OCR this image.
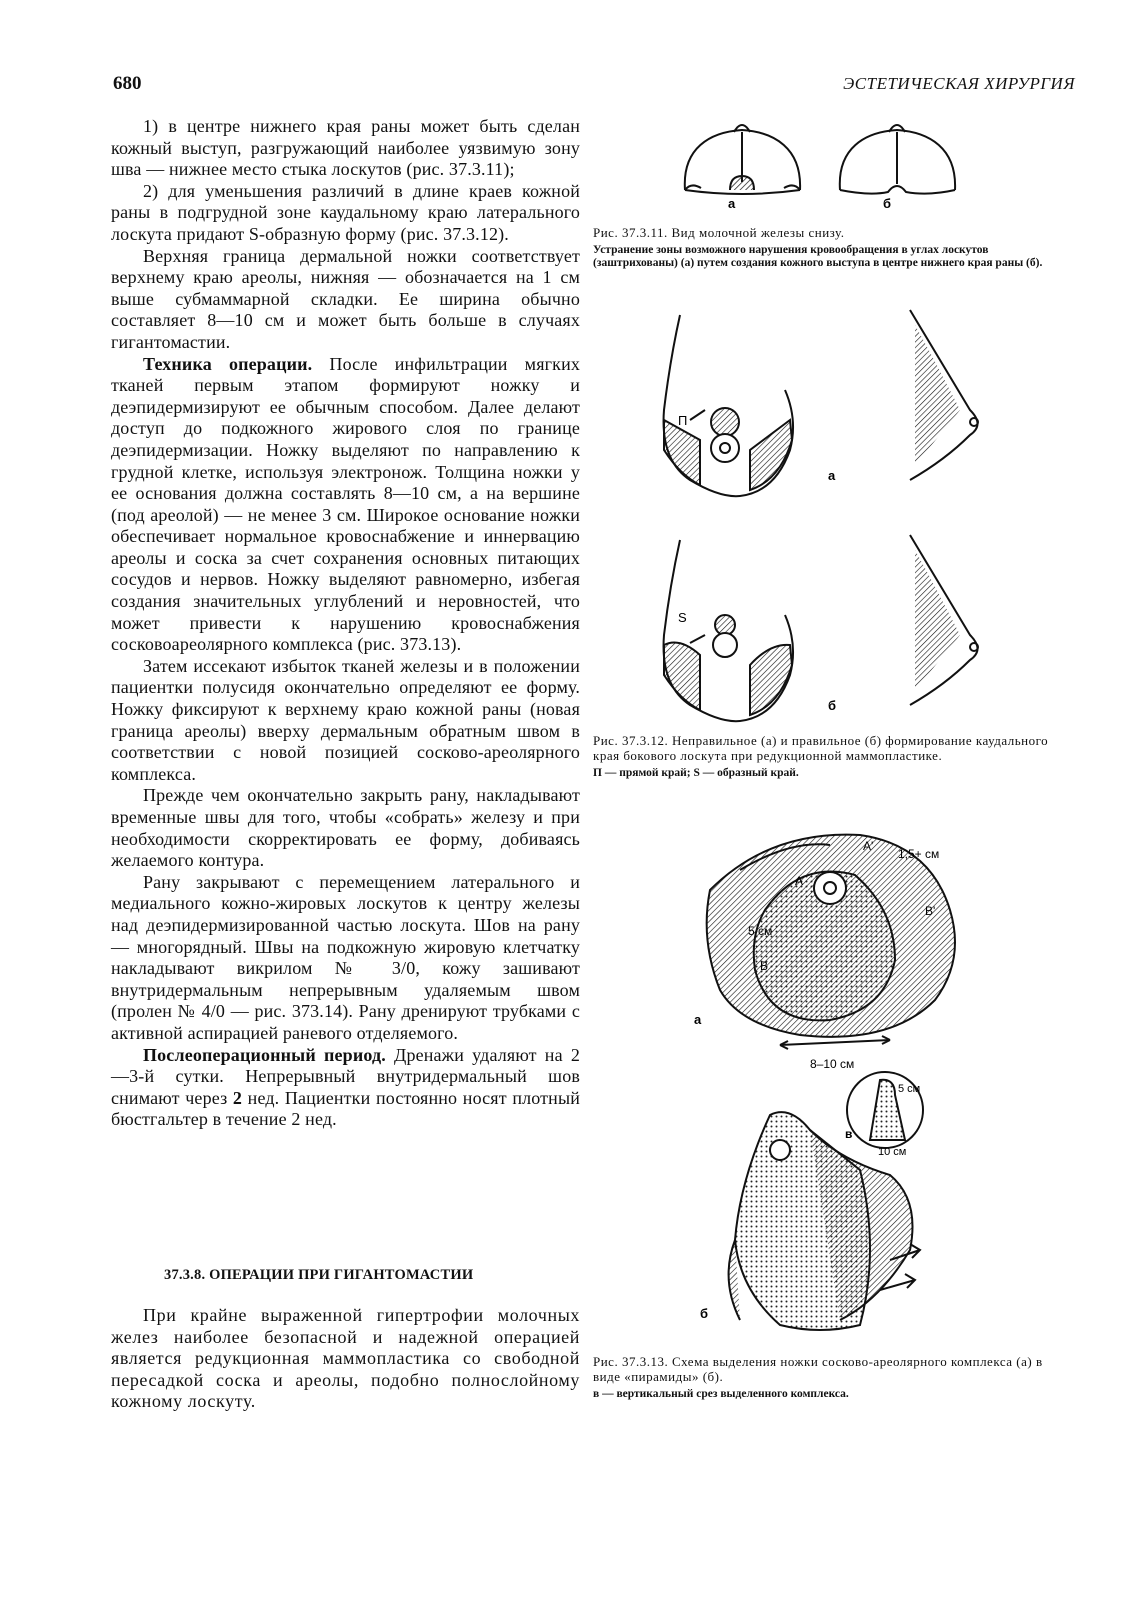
680	ЭСТЕТИЧЕСКАЯ ХИРУРГИЯ

1) в центре нижнего края раны может быть сделан кожный выступ, разгружающий наиболее уязвимую зону шва — нижнее место стыка лоскутов (рис. 37.3.11);

2) для уменьшения различий в длине краев кожной раны в подгрудной зоне каудальному краю латерального лоскута придают S-образную форму (рис. 37.3.12).

Верхняя граница дермальной ножки соответствует верхнему краю ареолы, нижняя — обозначается на 1 см выше субмаммарной складки. Ее ширина обычно составляет 8—10 см и может быть больше в случаях гигантомастии.

Техника операции. После инфильтрации мягких тканей первым этапом формируют ножку и деэпидермизируют ее обычным способом. Далее делают доступ до подкожного жирового слоя по границе деэпидермизации. Ножку выделяют по направлению к грудной клетке, используя электронож. Толщина ножки у ее основания должна составлять 8—10 см, а на вершине (под ареолой) — не менее 3 см. Широкое основание ножки обеспечивает нормальное кровоснабжение и иннервацию ареолы и соска за счет сохранения основных питающих сосудов и нервов. Ножку выделяют равномерно, избегая создания значительных углублений и неровностей, что может привести к нарушению кровоснабжения сосковоареолярного комплекса (рис. 373.13).

Затем иссекают избыток тканей железы и в положении пациентки полусидя окончательно определяют ее форму. Ножку фиксируют к верхнему краю кожной раны (новая граница ареолы) вверху дермальным обратным швом в соответствии с новой позицией сосково-ареолярного комплекса.

Прежде чем окончательно закрыть рану, накладывают временные швы для того, чтобы «собрать» железу и при необходимости скорректировать ее форму, добиваясь желаемого контура.

Рану закрывают с перемещением латерального и медиального кожно-жировых лоскутов к центру железы над деэпидермизированной частью лоскута. Шов на рану — многорядный. Швы на подкожную жировую клетчатку накладывают викрилом № 3/0, кожу зашивают внутридермальным непрерывным удаляемым швом (пролен № 4/0 — рис. 373.14). Рану дренируют трубками с активной аспирацией раневого отделяемого.

Послеоперационный период. Дренажи удаляют на 2—3-й сутки. Непрерывный внутридермальный шов снимают через 2 нед. Пациентки постоянно носят плотный бюстгальтер в течение 2 нед.

37.3.8. ОПЕРАЦИИ ПРИ ГИГАНТОМАСТИИ

При крайне выраженной гипертрофии молочных желез наиболее безопасной и надежной операцией является редукционная маммопластика со свободной пересадкой соска и ареолы, подобно полнослойному кожному лоскуту.

а	б

Рис. 37.3.11. Вид молочной железы снизу.

Устранение зоны возможного нарушения кровообращения в углах лоскутов (заштрихованы) (а) путем создания кожного выступа в центре нижнего края раны (б).

П
а
S
б

Рис. 37.3.12. Неправильное (а) и правильное (б) формирование каудального края бокового лоскута при редукционной маммопластике.

П — прямой край; S — образный край.

1,5+ см
А
А'
В
В'
5 см
8–10 см
а
5 см
10 см
в
б

Рис. 37.3.13. Схема выделения ножки сосково-ареолярного комплекса (а) в виде «пирамиды» (б).

в — вертикальный срез выделенного комплекса.
